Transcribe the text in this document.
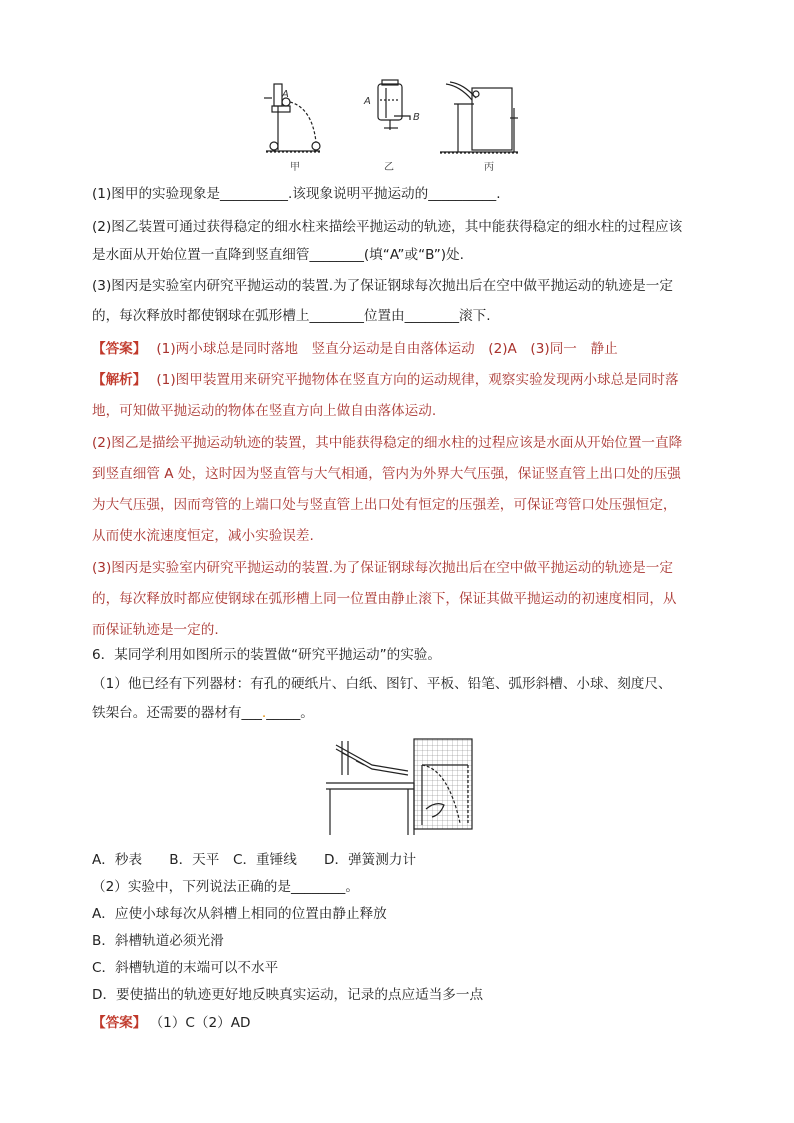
A
A
B
甲	乙	丙
(1)图甲的实验现象是__________.该现象说明平抛运动的__________.
(2)图乙装置可通过获得稳定的细水柱来描绘平抛运动的轨迹，其中能获得稳定的细水柱的过程应该
是水面从开始位置一直降到竖直细管________(填“A”或“B”)处.
(3)图丙是实验室内研究平抛运动的装置.为了保证钢球每次抛出后在空中做平抛运动的轨迹是一定
的，每次释放时都使钢球在弧形槽上________位置由________滚下.
【答案】 (1)两小球总是同时落地　竖直分运动是自由落体运动　(2)A　(3)同一　静止
【解析】 (1)图甲装置用来研究平抛物体在竖直方向的运动规律，观察实验发现两小球总是同时落
地，可知做平抛运动的物体在竖直方向上做自由落体运动.
(2)图乙是描绘平抛运动轨迹的装置，其中能获得稳定的细水柱的过程应该是水面从开始位置一直降
到竖直细管 A 处，这时因为竖直管与大气相通，管内为外界大气压强，保证竖直管上出口处的压强
为大气压强，因而弯管的上端口处与竖直管上出口处有恒定的压强差，可保证弯管口处压强恒定，
从而使水流速度恒定，减小实验误差.
(3)图丙是实验室内研究平抛运动的装置.为了保证钢球每次抛出后在空中做平抛运动的轨迹是一定
的，每次释放时都应使钢球在弧形槽上同一位置由静止滚下，保证其做平抛运动的初速度相同，从
而保证轨迹是一定的.
6．某同学利用如图所示的装置做“研究平抛运动”的实验。
（1）他已经有下列器材：有孔的硬纸片、白纸、图钉、平板、铅笔、弧形斜槽、小球、刻度尺、
铁架台。还需要的器材有___._____。
A．秒表　　B．天平　C．重锤线　　D．弹簧测力计
（2）实验中，下列说法正确的是________。
A．应使小球每次从斜槽上相同的位置由静止释放
B．斜槽轨道必须光滑
C．斜槽轨道的末端可以不水平
D．要使描出的轨迹更好地反映真实运动，记录的点应适当多一点
【答案】 （1）C（2）AD
